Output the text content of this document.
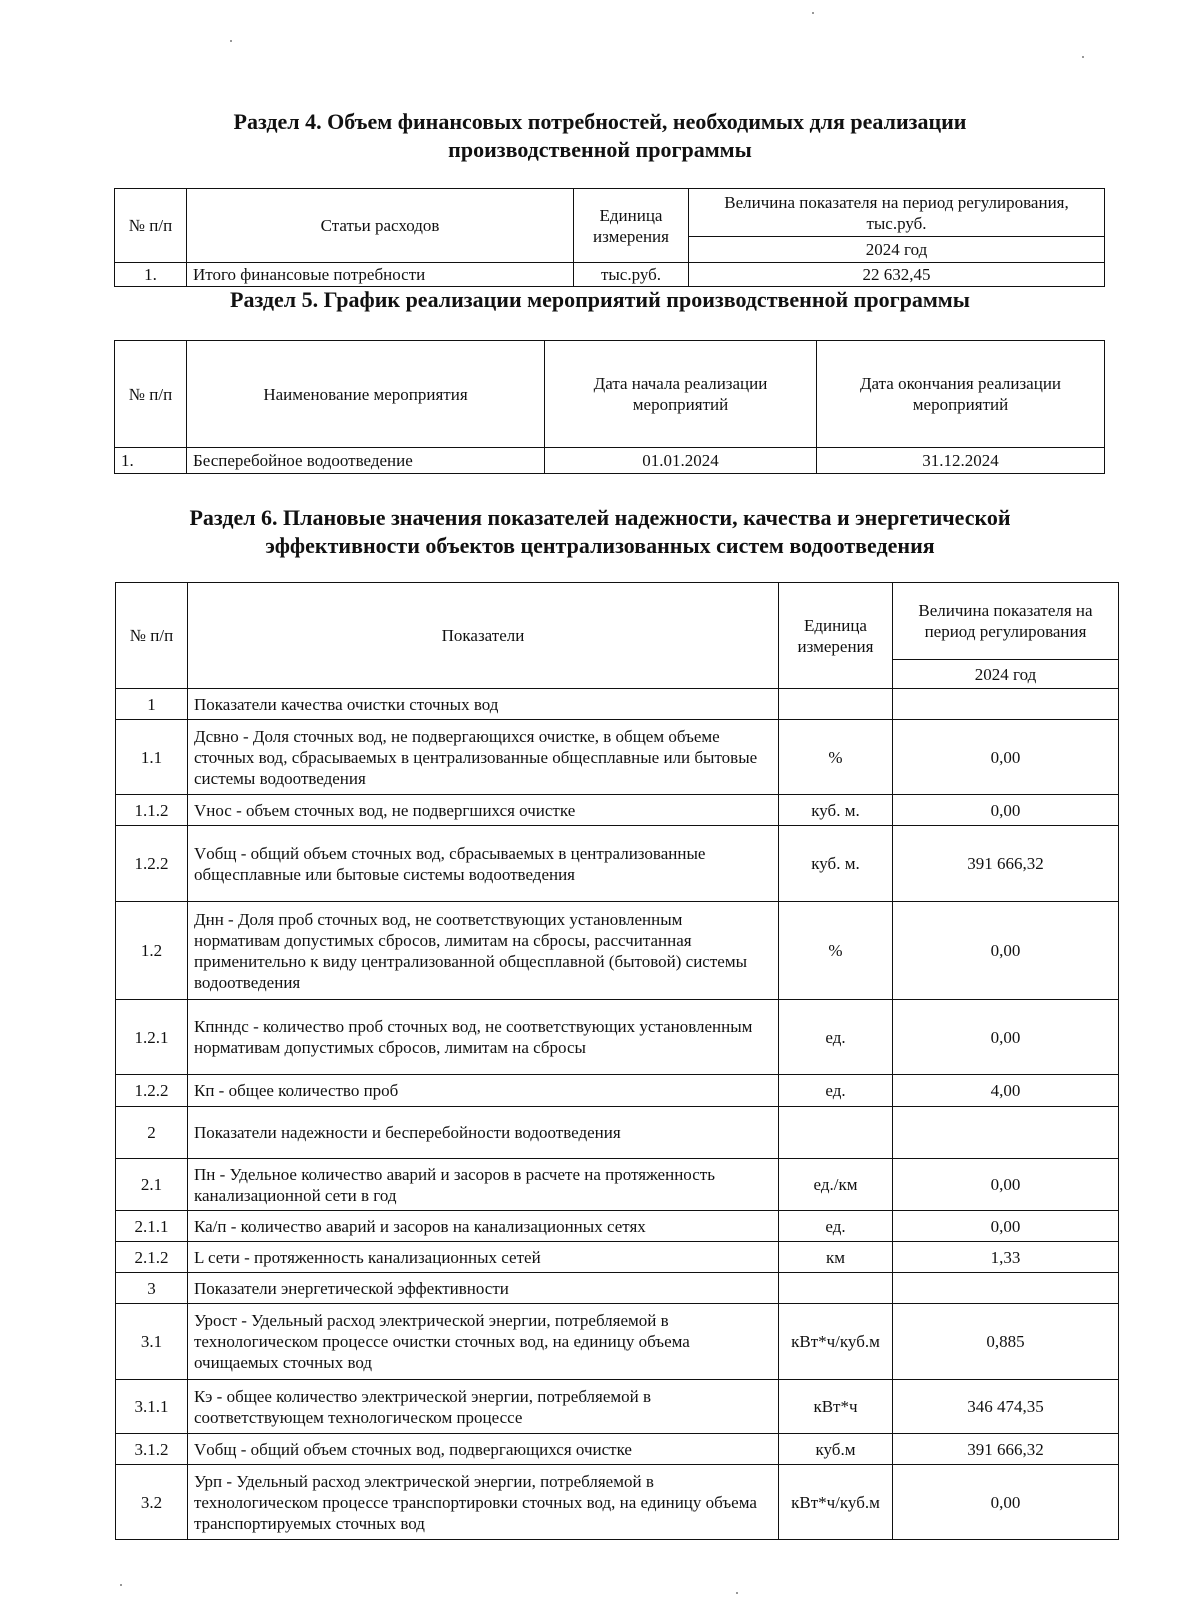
Раздел 4. Объем финансовых потребностей, необходимых для реализации
производственной программы
№ п/п	Статьи расходов	Единица измерения	Величина показателя на период регулирования, тыс.руб.
			2024 год
1.	Итого финансовые потребности	тыс.руб.	22 632,45
Раздел 5. График реализации мероприятий производственной программы
№ п/п	Наименование мероприятия	Дата начала реализации мероприятий	Дата окончания реализации мероприятий
1.	Бесперебойное водоотведение	01.01.2024	31.12.2024
Раздел 6. Плановые значения показателей надежности, качества и энергетической
эффективности объектов централизованных систем водоотведения
№ п/п	Показатели	Единица измерения	Величина показателя на период регулирования
			2024 год
1	Показатели качества очистки сточных вод		
1.1	Дсвно - Доля сточных вод, не подвергающихся очистке, в общем объеме сточных вод, сбрасываемых в централизованные общесплавные или бытовые системы водоотведения	%	0,00
1.1.2	Vнос - объем сточных вод, не подвергшихся очистке	куб. м.	0,00
1.2.2	Vобщ - общий объем сточных вод, сбрасываемых в централизованные общесплавные или бытовые системы водоотведения	куб. м.	391 666,32
1.2	Днн - Доля проб сточных вод, не соответствующих установленным нормативам допустимых сбросов, лимитам на сбросы, рассчитанная применительно к виду централизованной общесплавной (бытовой) системы водоотведения	%	0,00
1.2.1	Кпнндс - количество проб сточных вод, не соответствующих установленным нормативам допустимых сбросов, лимитам на сбросы	ед.	0,00
1.2.2	Кп - общее количество проб	ед.	4,00
2	Показатели надежности и бесперебойности водоотведения		
2.1	Пн - Удельное количество аварий и засоров в расчете на протяженность канализационной сети в год	ед./км	0,00
2.1.1	Ка/п - количество аварий и засоров на канализационных сетях	ед.	0,00
2.1.2	L сети - протяженность канализационных сетей	км	1,33
3	Показатели энергетической эффективности		
3.1	Урост - Удельный расход электрической энергии, потребляемой в технологическом процессе очистки сточных вод, на единицу объема очищаемых сточных вод	кВт*ч/куб.м	0,885
3.1.1	Кэ - общее количество электрической энергии, потребляемой в соответствующем технологическом процессе	кВт*ч	346 474,35
3.1.2	Vобщ - общий объем сточных вод, подвергающихся очистке	куб.м	391 666,32
3.2	Урп - Удельный расход электрической энергии, потребляемой в технологическом процессе транспортировки сточных вод, на единицу объема транспортируемых сточных вод	кВт*ч/куб.м	0,00
